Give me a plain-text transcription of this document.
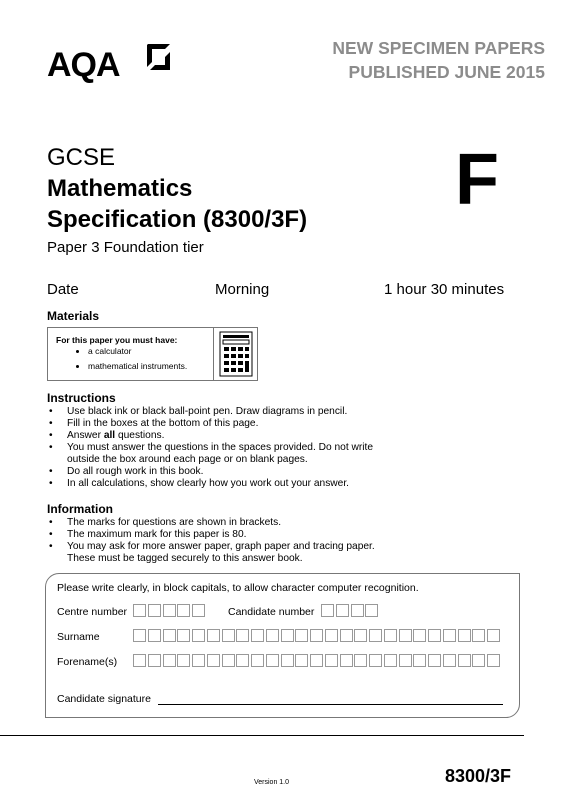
AQA	NEW SPECIMEN PAPERS
PUBLISHED JUNE 2015
GCSE
Mathematics
Specification (8300/3F)
Paper 3 Foundation tier
F
Date	Morning	1 hour 30 minutes
Materials
For this paper you must have:
• a calculator
• mathematical instruments.
Instructions
• Use black ink or black ball-point pen. Draw diagrams in pencil.
• Fill in the boxes at the bottom of this page.
• Answer all questions.
• You must answer the questions in the spaces provided. Do not write
outside the box around each page or on blank pages.
• Do all rough work in this book.
• In all calculations, show clearly how you work out your answer.
Information
• The marks for questions are shown in brackets.
• The maximum mark for this paper is 80.
• You may ask for more answer paper, graph paper and tracing paper.
These must be tagged securely to this answer book.
Please write clearly, in block capitals, to allow character computer recognition.
Centre number	Candidate number
Surname
Forename(s)
Candidate signature
Version 1.0	8300/3F
